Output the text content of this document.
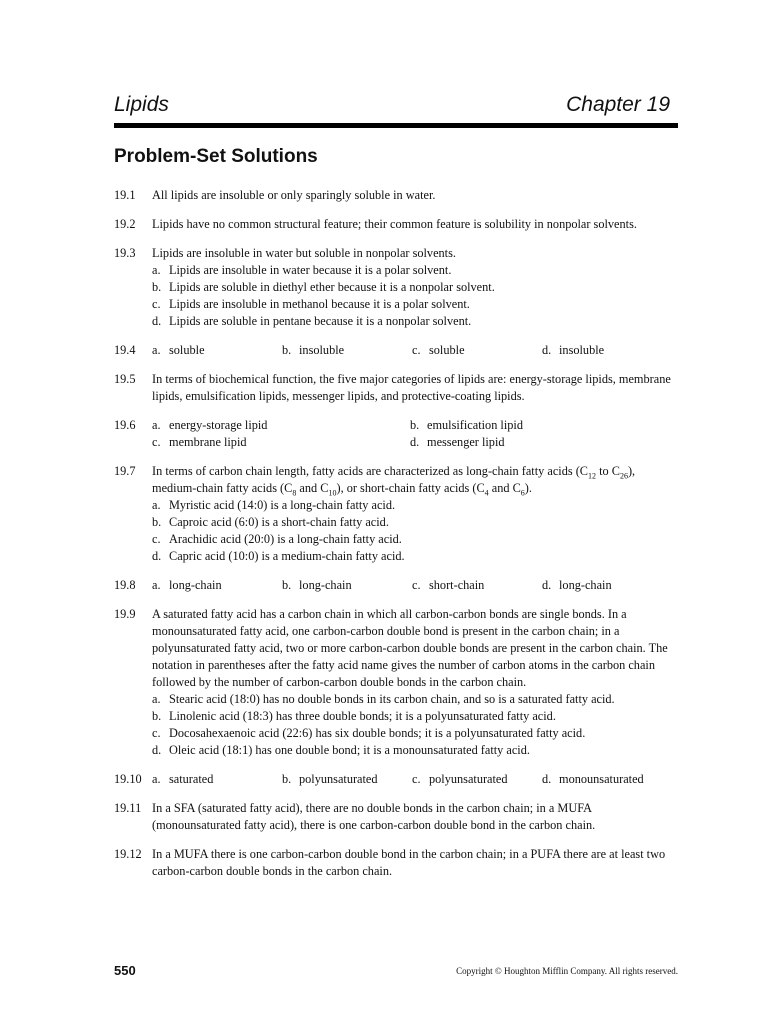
Lipids	Chapter 19
Problem-Set Solutions
19.1	All lipids are insoluble or only sparingly soluble in water.
19.2	Lipids have no common structural feature; their common feature is solubility in nonpolar solvents.
19.3	Lipids are insoluble in water but soluble in nonpolar solvents.
a. Lipids are insoluble in water because it is a polar solvent.
b. Lipids are soluble in diethyl ether because it is a nonpolar solvent.
c. Lipids are insoluble in methanol because it is a polar solvent.
d. Lipids are soluble in pentane because it is a nonpolar solvent.
19.4	a. soluble	b. insoluble	c. soluble	d. insoluble
19.5	In terms of biochemical function, the five major categories of lipids are: energy-storage lipids, membrane lipids, emulsification lipids, messenger lipids, and protective-coating lipids.
19.6	a. energy-storage lipid	b. emulsification lipid
c. membrane lipid	d. messenger lipid
19.7	In terms of carbon chain length, fatty acids are characterized as long-chain fatty acids ($C_{12}$ to $C_{26}$), medium-chain fatty acids ($C_8$ and $C_{10}$), or short-chain fatty acids ($C_4$ and $C_6$).
a. Myristic acid (14:0) is a long-chain fatty acid.
b. Caproic acid (6:0) is a short-chain fatty acid.
c. Arachidic acid (20:0) is a long-chain fatty acid.
d. Capric acid (10:0) is a medium-chain fatty acid.
19.8	a. long-chain	b. long-chain	c. short-chain	d. long-chain
19.9	A saturated fatty acid has a carbon chain in which all carbon-carbon bonds are single bonds. In a monounsaturated fatty acid, one carbon-carbon double bond is present in the carbon chain; in a polyunsaturated fatty acid, two or more carbon-carbon double bonds are present in the carbon chain. The notation in parentheses after the fatty acid name gives the number of carbon atoms in the carbon chain followed by the number of carbon-carbon double bonds in the carbon chain.
a. Stearic acid (18:0) has no double bonds in its carbon chain, and so is a saturated fatty acid.
b. Linolenic acid (18:3) has three double bonds; it is a polyunsaturated fatty acid.
c. Docosahexaenoic acid (22:6) has six double bonds; it is a polyunsaturated fatty acid.
d. Oleic acid (18:1) has one double bond; it is a monounsaturated fatty acid.
19.10 a. saturated	b. polyunsaturated	c. polyunsaturated	d. monounsaturated
19.11 In a SFA (saturated fatty acid), there are no double bonds in the carbon chain; in a MUFA (monounsaturated fatty acid), there is one carbon-carbon double bond in the carbon chain.
19.12 In a MUFA there is one carbon-carbon double bond in the carbon chain; in a PUFA there are at least two carbon-carbon double bonds in the carbon chain.
550	Copyright © Houghton Mifflin Company. All rights reserved.
